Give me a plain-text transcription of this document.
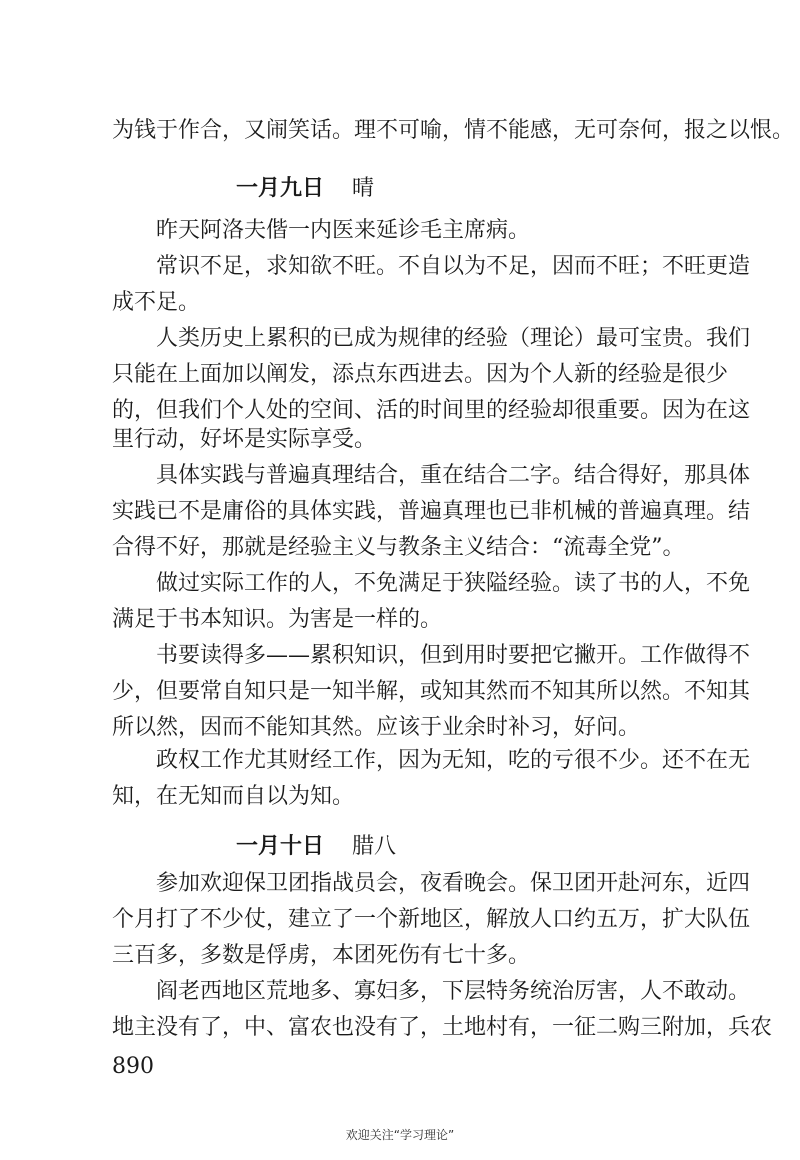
为钱于作合，又闹笑话。理不可喻，情不能感，无可奈何，报之以恨。
一月九日 晴
昨天阿洛夫偕一内医来延诊毛主席病。
常识不足，求知欲不旺。不自以为不足，因而不旺；不旺更造
成不足。
人类历史上累积的已成为规律的经验（理论）最可宝贵。我们
只能在上面加以阐发，添点东西进去。因为个人新的经验是很少
的，但我们个人处的空间、活的时间里的经验却很重要。因为在这
里行动，好坏是实际享受。
具体实践与普遍真理结合，重在结合二字。结合得好，那具体
实践已不是庸俗的具体实践，普遍真理也已非机械的普遍真理。结
合得不好，那就是经验主义与教条主义结合：“流毒全党”。
做过实际工作的人，不免满足于狭隘经验。读了书的人，不免
满足于书本知识。为害是一样的。
书要读得多——累积知识，但到用时要把它撇开。工作做得不
少，但要常自知只是一知半解，或知其然而不知其所以然。不知其
所以然，因而不能知其然。应该于业余时补习，好问。
政权工作尤其财经工作，因为无知，吃的亏很不少。还不在无
知，在无知而自以为知。
一月十日 腊八
参加欢迎保卫团指战员会，夜看晚会。保卫团开赴河东，近四
个月打了不少仗，建立了一个新地区，解放人口约五万，扩大队伍
三百多，多数是俘虏，本团死伤有七十多。
阎老西地区荒地多、寡妇多，下层特务统治厉害，人不敢动。
地主没有了，中、富农也没有了，土地村有，一征二购三附加，兵农
890
欢迎关注“学习理论”
